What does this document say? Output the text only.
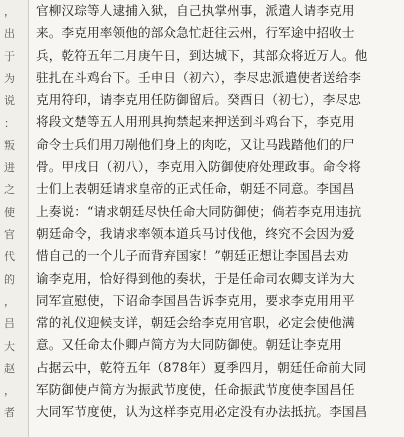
，
出
于
为
说
：
叛
进
之
使
官
代
的
，
吕
大
赵
，
者
官柳汉琮等人逮捕入狱，自己执掌州事，派遣人请李克用
来。李克用率领他的部众急忙赶往云州，行军途中招收士
兵，乾符五年二月庚午日，到达城下，其部众将近万人。他
驻扎在斗鸡台下。壬申日（初六），李尽忠派遣使者送给李
克用符印，请李克用任防御留后。癸酉日（初七），李尽忠
将段文楚等五人用刑具拘禁起来押送到斗鸡台下，李克用
命令士兵们用刀剐他们身上的肉吃，又让马践踏他们的尸
骨。甲戌日（初八），李克用入防御使府处理政事。命令将
士们上表朝廷请求皇帝的正式任命，朝廷不同意。李国昌
上奏说：“请求朝廷尽快任命大同防御使；倘若李克用违抗
朝廷命令，我请求率领本道兵马讨伐他，终究不会因为爱
惜自己的一个儿子而背弃国家！”朝廷正想让李国昌去劝
谕李克用，恰好得到他的奏状，于是任命司农卿支详为大
同军宣慰使，下诏命李国昌告诉李克用，要求李克用用平
常的礼仪迎候支详，朝廷会给李克用官职，必定会使他满
意。又任命太仆卿卢简方为大同防御使。朝廷让李克用
占据云中，乾符五年（878年）夏季四月，朝廷任命前大同
军防御使卢简方为振武节度使，任命振武节度使李国昌任
大同军节度使，认为这样李克用必定没有办法抵抗。李国昌
